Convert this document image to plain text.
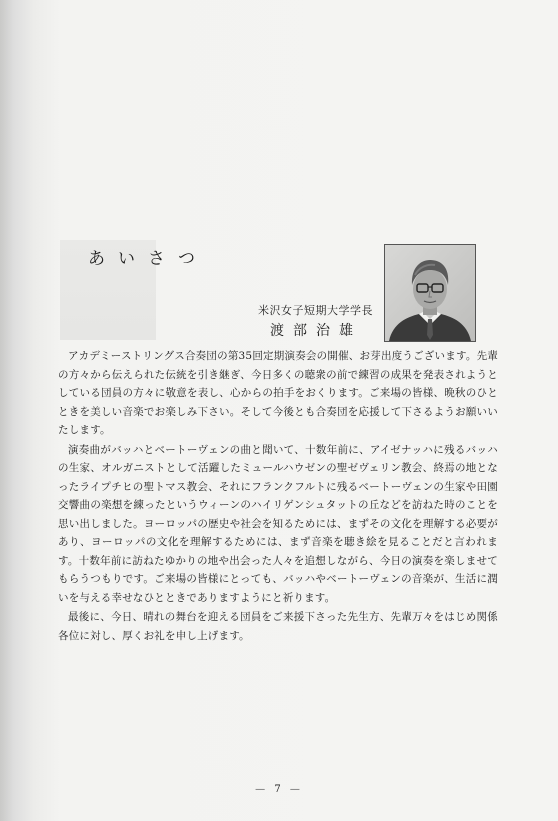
あいさつ
米沢女子短期大学学長
渡部治雄

アカデミーストリングス合奏団の第35回定期演奏会の開催、お芽出度うございます。先輩の方々から伝えられた伝統を引き継ぎ、今日多くの聴衆の前で練習の成果を発表されようとしている団員の方々に敬意を表し、心からの拍手をおくります。ご来場の皆様、晩秋のひとときを美しい音楽でお楽しみ下さい。そして今後とも合奏団を応援して下さるようお願いいたします。

演奏曲がバッハとベートーヴェンの曲と聞いて、十数年前に、アイゼナッハに残るバッハの生家、オルガニストとして活躍したミュールハウゼンの聖ゼヴェリン教会、終焉の地となったライプチヒの聖トマス教会、それにフランクフルトに残るベートーヴェンの生家や田園交響曲の楽想を練ったというウィーンのハイリゲンシュタットの丘などを訪ねた時のことを思い出しました。ヨーロッパの歴史や社会を知るためには、まずその文化を理解する必要があり、ヨーロッパの文化を理解するためには、まず音楽を聴き絵を見ることだと言われます。十数年前に訪ねたゆかりの地や出会った人々を追想しながら、今日の演奏を楽しませてもらうつもりです。ご来場の皆様にとっても、バッハやベートーヴェンの音楽が、生活に潤いを与える幸せなひとときでありますようにと祈ります。

最後に、今日、晴れの舞台を迎える団員をご来援下さった先生方、先輩万々をはじめ関係各位に対し、厚くお礼を申し上げます。

— 7 —
